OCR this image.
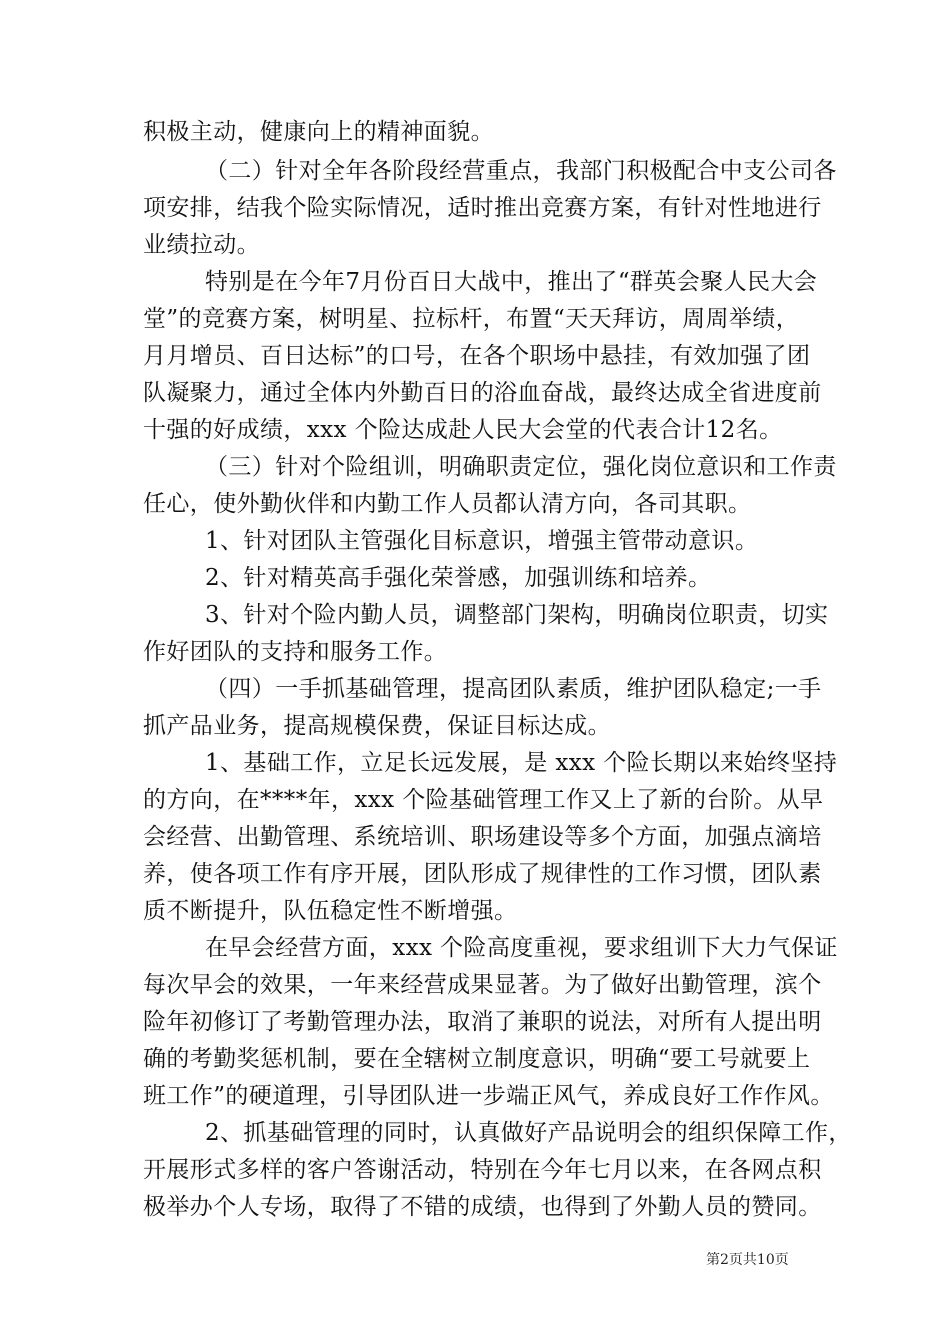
积极主动，健康向上的精神面貌。
（二）针对全年各阶段经营重点，我部门积极配合中支公司各
项安排，结我个险实际情况，适时推出竞赛方案，有针对性地进行
业绩拉动。
特别是在今年7月份百日大战中，推出了“群英会聚人民大会
堂”的竞赛方案，树明星、拉标杆，布置“天天拜访，周周举绩，
月月增员、百日达标”的口号，在各个职场中悬挂，有效加强了团
队凝聚力，通过全体内外勤百日的浴血奋战，最终达成全省进度前
十强的好成绩，xxx 个险达成赴人民大会堂的代表合计12名。
（三）针对个险组训，明确职责定位，强化岗位意识和工作责
任心，使外勤伙伴和内勤工作人员都认清方向，各司其职。
1、针对团队主管强化目标意识，增强主管带动意识。
2、针对精英高手强化荣誉感，加强训练和培养。
3、针对个险内勤人员，调整部门架构，明确岗位职责，切实
作好团队的支持和服务工作。
（四）一手抓基础管理，提高团队素质，维护团队稳定;一手
抓产品业务，提高规模保费，保证目标达成。
1、基础工作，立足长远发展，是 xxx 个险长期以来始终坚持
的方向，在****年，xxx 个险基础管理工作又上了新的台阶。从早
会经营、出勤管理、系统培训、职场建设等多个方面，加强点滴培
养，使各项工作有序开展，团队形成了规律性的工作习惯，团队素
质不断提升，队伍稳定性不断增强。
在早会经营方面，xxx 个险高度重视，要求组训下大力气保证
每次早会的效果，一年来经营成果显著。为了做好出勤管理，滨个
险年初修订了考勤管理办法，取消了兼职的说法，对所有人提出明
确的考勤奖惩机制，要在全辖树立制度意识，明确“要工号就要上
班工作”的硬道理，引导团队进一步端正风气，养成良好工作作风。
2、抓基础管理的同时，认真做好产品说明会的组织保障工作，
开展形式多样的客户答谢活动，特别在今年七月以来，在各网点积
极举办个人专场，取得了不错的成绩，也得到了外勤人员的赞同。
第2页共10页
